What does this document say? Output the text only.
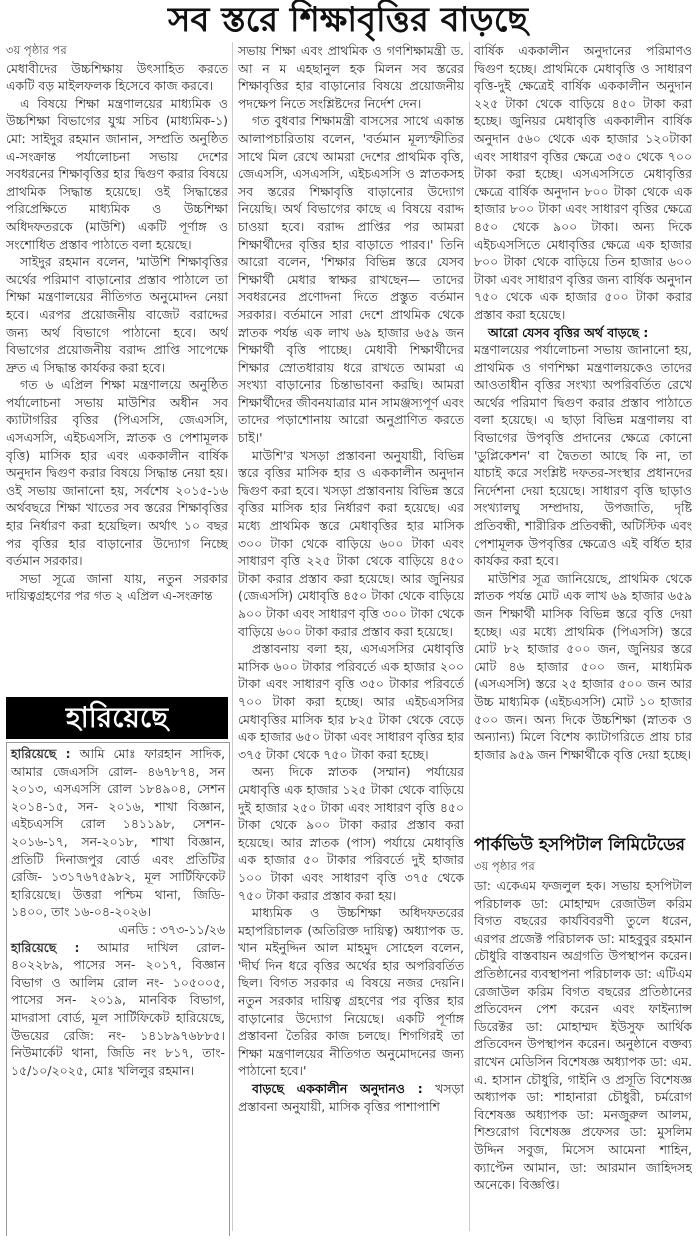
সব স্তরে শিক্ষাবৃত্তির বাড়ছে
৩য় পৃষ্ঠার পর

মেধাবীদের উচ্চশিক্ষায় উৎসাহিত করতে একটি বড় মাইলফলক হিসেবে কাজ করবে।

এ বিষয়ে শিক্ষা মন্ত্রণালয়ের মাধ্যমিক ও উচ্চশিক্ষা বিভাগের যুগ্ম সচিব (মাধ্যমিক-১) মো: সাইদুর রহমান জানান, সম্প্রতি অনুষ্ঠিত এ-সংক্রান্ত পর্যালোচনা সভায় দেশের সবধরনের শিক্ষাবৃত্তির হার দ্বিগুণ করার বিষয়ে প্রাথমিক সিদ্ধান্ত হয়েছে। ওই সিদ্ধান্তের পরিপ্রেক্ষিতে মাধ্যমিক ও উচ্চশিক্ষা অধিদফতরকে (মাউশি) একটি পূর্ণাঙ্গ ও সংশোধিত প্রস্তাব পাঠাতে বলা হয়েছে।

সাইদুর রহমান বলেন, 'মাউশি শিক্ষাবৃত্তির অর্থের পরিমাণ বাড়ানোর প্রস্তাব পাঠালে তা শিক্ষা মন্ত্রণালয়ের নীতিগত অনুমোদন নেয়া হবে। এরপর প্রয়োজনীয় বাজেট বরাদ্দের জন্য অর্থ বিভাগে পাঠানো হবে। অর্থ বিভাগের প্রয়োজনীয় বরাদ্দ প্রাপ্তি সাপেক্ষে দ্রুত এ সিদ্ধান্ত কার্যকর করা হবে।

গত ৬ এপ্রিল শিক্ষা মন্ত্রণালয়ে অনুষ্ঠিত পর্যালোচনা সভায় মাউশির অধীন সব ক্যাটাগরির বৃত্তির (পিএসসি, জেএসসি, এসএসসি, এইচএসসি, স্নাতক ও পেশামূলক বৃত্তি) মাসিক হার এবং এককালীন বার্ষিক অনুদান দ্বিগুণ করার বিষয়ে সিদ্ধান্ত নেয়া হয়। ওই সভায় জানানো হয়, সর্বশেষ ২০১৫-১৬ অর্থবছরে শিক্ষা খাতের সব স্তরের শিক্ষাবৃত্তির হার নির্ধারণ করা হয়েছিল। অর্থাৎ ১০ বছর পর বৃত্তির হার বাড়ানোর উদ্যোগ নিচ্ছে বর্তমান সরকার।

সভা সূত্রে জানা যায়, নতুন সরকার দায়িত্বগ্রহণের পর গত ২ এপ্রিল এ-সংক্রান্ত

সভায় শিক্ষা এবং প্রাথমিক ও গণশিক্ষামন্ত্রী ড. আ ন ম এহছানুল হক মিলন সব স্তরের শিক্ষাবৃত্তির হার বাড়ানোর বিষয়ে প্রয়োজনীয় পদক্ষেপ নিতে সংশ্লিষ্টদের নির্দেশ দেন।

গত বুধবার শিক্ষামন্ত্রী বাসসের সাথে একান্ত আলাপচারিতায় বলেন, 'বর্তমান মূল্যস্ফীতির সাথে মিল রেখে আমরা দেশের প্রাথমিক বৃত্তি, জেএসসি, এসএসসি, এইচএসসি ও স্নাতকসহ সব স্তরের শিক্ষাবৃত্তি বাড়ানোর উদ্যোগ নিয়েছি। অর্থ বিভাগের কাছে এ বিষয়ে বরাদ্দ চাওয়া হবে। বরাদ্দ প্রাপ্তির পর আমরা শিক্ষার্থীদের বৃত্তির হার বাড়াতে পারব।' তিনি আরো বলেন, 'শিক্ষার বিভিন্ন স্তরে যেসব শিক্ষার্থী মেধার স্বাক্ষর রাখছেন— তাদের সবধরনের প্রণোদনা দিতে প্রস্তুত বর্তমান সরকার। বর্তমানে সারা দেশে প্রাথমিক থেকে স্নাতক পর্যন্ত এক লাখ ৬৯ হাজার ৬৫৯ জন শিক্ষার্থী বৃত্তি পাচ্ছে। মেধাবী শিক্ষার্থীদের শিক্ষার স্রোতধারায় ধরে রাখতে আমরা এ সংখ্যা বাড়ানোর চিন্তাভাবনা করছি। আমরা শিক্ষার্থীদের জীবনযাত্রার মান সামঞ্জস্যপূর্ণ এবং তাদের পড়াশোনায় আরো অনুপ্রাণিত করতে চাই।'

মাউশি'র খসড়া প্রস্তাবনা অনুযায়ী, বিভিন্ন স্তরে বৃত্তির মাসিক হার ও এককালীন অনুদান দ্বিগুণ করা হবে। খসড়া প্রস্তাবনায় বিভিন্ন স্তরে বৃত্তির মাসিক হার নির্ধারণ করা হয়েছে। এর মধ্যে প্রাথমিক স্তরে মেধাবৃত্তির হার মাসিক ৩০০ টাকা থেকে বাড়িয়ে ৬০০ টাকা এবং সাধারণ বৃত্তি ২২৫ টাকা থেকে বাড়িয়ে ৪৫০ টাকা করার প্রস্তাব করা হয়েছে। আর জুনিয়র (জেএসসি) মেধাবৃত্তি ৪৫০ টাকা থেকে বাড়িয়ে ৯০০ টাকা এবং সাধারণ বৃত্তি ৩০০ টাকা থেকে বাড়িয়ে ৬০০ টাকা করার প্রস্তাব করা হয়েছে।

প্রস্তাবনায় বলা হয়, এসএসসির মেধাবৃত্তি মাসিক ৬০০ টাকার পরিবর্তে এক হাজার ২০০ টাকা এবং সাধারণ বৃত্তি ৩৫০ টাকার পরিবর্তে ৭০০ টাকা করা হচ্ছে। আর এইচএসসির মেধাবৃত্তির মাসিক হার ৮২৫ টাকা থেকে বেড়ে এক হাজার ৬৫০ টাকা এবং সাধারণ বৃত্তির হার ৩৭৫ টাকা থেকে ৭৫০ টাকা করা হচ্ছে।

অন্য দিকে স্নাতক (সম্মান) পর্যায়ের মেধাবৃত্তি এক হাজার ১২৫ টাকা থেকে বাড়িয়ে দুই হাজার ২৫০ টাকা এবং সাধারণ বৃত্তি ৪৫০ টাকা থেকে ৯০০ টাকা করার প্রস্তাব করা হয়েছে। আর স্নাতক (পাস) পর্যায়ে মেধাবৃত্তি এক হাজার ৫০ টাকার পরিবর্তে দুই হাজার ১০০ টাকা এবং সাধারণ বৃত্তি ৩৭৫ থেকে ৭৫০ টাকা করার প্রস্তাব করা হয়।

মাধ্যমিক ও উচ্চশিক্ষা অধিদফতরের মহাপরিচালক (অতিরিক্ত দায়িত্ব) অধ্যাপক ড. খান মইনুদ্দিন আল মাহমুদ সোহেল বলেন, 'দীর্ঘ দিন ধরে বৃত্তির অর্থের হার অপরিবর্তিত ছিল। বিগত সরকার এ বিষয়ে নজর দেয়নি। নতুন সরকার দায়িত্ব গ্রহণের পর বৃত্তির হার বাড়ানোর উদ্যোগ নিয়েছে। একটি পূর্ণাঙ্গ প্রস্তাবনা তৈরির কাজ চলছে। শিগগিরই তা শিক্ষা মন্ত্রণালয়ের নীতিগত অনুমোদনের জন্য পাঠানো হবে।'

বাড়ছে এককালীন অনুদানও : খসড়া প্রস্তাবনা অনুযায়ী, মাসিক বৃত্তির পাশাপাশি

বার্ষিক এককালীন অনুদানের পরিমাণও দ্বিগুণ হচ্ছে। প্রাথমিকে মেধাবৃত্তি ও সাধারণ বৃত্তি-দুই ক্ষেত্রেই বার্ষিক এককালীন অনুদান ২২৫ টাকা থেকে বাড়িয়ে ৪৫০ টাকা করা হচ্ছে। জুনিয়র মেধাবৃত্তি এককালীন বার্ষিক অনুদান ৫৬০ থেকে এক হাজার ১২০টাকা এবং সাধারণ বৃত্তির ক্ষেত্রে ৩৫০ থেকে ৭০০ টাকা করা হচ্ছে। এসএসসিতে মেধাবৃত্তির ক্ষেত্রে বার্ষিক অনুদান ৮০০ টাকা থেকে এক হাজার ৮০০ টাকা এবং সাধারণ বৃত্তির ক্ষেত্রে ৪৫০ থেকে ৯০০ টাকা। অন্য দিকে এইচএসসিতে মেধাবৃত্তির ক্ষেত্রে এক হাজার ৮০০ টাকা থেকে বাড়িয়ে তিন হাজার ৬০০ টাকা এবং সাধারণ বৃত্তির জন্য বার্ষিক অনুদান ৭৫০ থেকে এক হাজার ৫০০ টাকা করার প্রস্তাব করা হয়েছে।

আরো যেসব বৃত্তির অর্থ বাড়ছে :

মন্ত্রণালয়ের পর্যালোচনা সভায় জানানো হয়, প্রাথমিক ও গণশিক্ষা মন্ত্রণালয়কেও তাদের আওতাধীন বৃত্তির সংখ্যা অপরিবর্তিত রেখে অর্থের পরিমাণ দ্বিগুণ করার প্রস্তাব পাঠাতে বলা হয়েছে। এ ছাড়া বিভিন্ন মন্ত্রণালয় বা বিভাগের উপবৃত্তি প্রদানের ক্ষেত্রে কোনো 'ডুপ্লিকেশন' বা দ্বৈততা আছে কি না, তা যাচাই করে সংশ্লিষ্ট দফতর-সংস্থার প্রধানদের নির্দেশনা দেয়া হয়েছে। সাধারণ বৃত্তি ছাড়াও সংখ্যালঘু সম্প্রদায়, উপজাতি, দৃষ্টি প্রতিবন্ধী, শারীরিক প্রতিবন্ধী, অটিস্টিক এবং পেশামূলক উপবৃত্তির ক্ষেত্রেও এই বর্ধিত হার কার্যকর করা হবে।

মাউশির সূত্র জানিয়েছে, প্রাথমিক থেকে স্নাতক পর্যন্ত মোট এক লাখ ৬৯ হাজার ৬৫৯ জন শিক্ষার্থী মাসিক বিভিন্ন স্তরে বৃত্তি দেয়া হচ্ছে। এর মধ্যে প্রাথমিক (পিএসসি) স্তরে মোট ৮২ হাজার ৫০০ জন, জুনিয়র স্তরে মোট ৪৬ হাজার ৫০০ জন, মাধ্যমিক (এসএসসি) স্তরে ২৫ হাজার ৫০০ জন আর উচ্চ মাধ্যমিক (এইচএসসি) মোট ১০ হাজার ৫০০ জন। অন্য দিকে উচ্চশিক্ষা (স্নাতক ও অন্যান্য) মিলে বিশেষ ক্যাটাগরিতে প্রায় চার হাজার ৯৫৯ জন শিক্ষার্থীকে বৃত্তি দেয়া হচ্ছে।

হারিয়েছে

হারিয়েছে : আমি মোঃ ফারহান সাদিক, আমার জেএসসি রোল- ৪৬৭৮৭৪, সন ২০১৩, এসএসসি রোল ১৮৪৯০৪, সেশন ২০১৪-১৫, সন- ২০১৬, শাখা বিজ্ঞান, এইচএসসি রোল ১৪১১৯৮, সেশন- ২০১৬-১৭, সন-২০১৮, শাখা বিজ্ঞান, প্রতিটি দিনাজপুর বোর্ড এবং প্রতিটির রেজি- ১৩১৭৬৭৫৯৮২, মূল সার্টিফিকেট হারিয়েছে। উত্তরা পশ্চিম থানা, জিডি- ১৪০০, তাং ১৬-০৪-২০২৬।

এনডি : ৩৭৩-১১/২৬

হারিয়েছে : আমার দাখিল রোল- ৪০২২৮৯, পাসের সন- ২০১৭, বিজ্ঞান বিভাগ ও আলিম রোল নং- ১০৫০০৫, পাসের সন- ২০১৯, মানবিক বিভাগ, মাদরাসা বোর্ড, মূল সার্টিফিকেট হারিয়েছে, উভয়ের রেজি: নং- ১৪১৮৯৭৬৮৮৫। নিউমার্কেট থানা, জিডি নং ৮১৭, তাং- ১৫/১০/২০২৫, মোঃ খলিলুর রহমান।

পার্কভিউ হসপিটাল লিমিটেডের
৩য় পৃষ্ঠার পর

ডা: একেএম ফজলুল হক। সভায় হসপিটাল পরিচালক ডা: মোহাম্মদ রেজাউল করিম বিগত বছরের কার্যবিবরণী তুলে ধরেন, এরপর প্রজেক্ট পরিচালক ডা: মাহবুবুর রহমান চৌধুরি বাস্তবায়ন অগ্রগতি উপস্থাপন করেন। প্রতিষ্ঠানের ব্যবস্থাপনা পরিচালক ডা: এটিএম রেজাউল করিম বিগত বছরের প্রতিষ্ঠানের প্রতিবেদন পেশ করেন এবং ফাইন্যান্স ডিরেক্টর ডা: মোহাম্মদ ইউসুফ আর্থিক প্রতিবেদন উপস্থাপন করেন। অনুষ্ঠানে বক্তব্য রাখেন মেডিসিন বিশেষজ্ঞ অধ্যাপক ডা: এম. এ. হাসান চৌধুরি, গাইনি ও প্রসূতি বিশেষজ্ঞ অধ্যাপক ডা: শাহানারা চৌধুরী, চর্মরোগ বিশেষজ্ঞ অধ্যাপক ডা: মনজুরুল আলম, শিশুরোগ বিশেষজ্ঞ প্রফেসর ডা: মুসলিম উদ্দিন সবুজ, মিসেস আমেনা শাহিন, ক্যাপ্টেন আমান, ডা: আরমান জাহিদসহ অনেকে। বিজ্ঞপ্তি।
